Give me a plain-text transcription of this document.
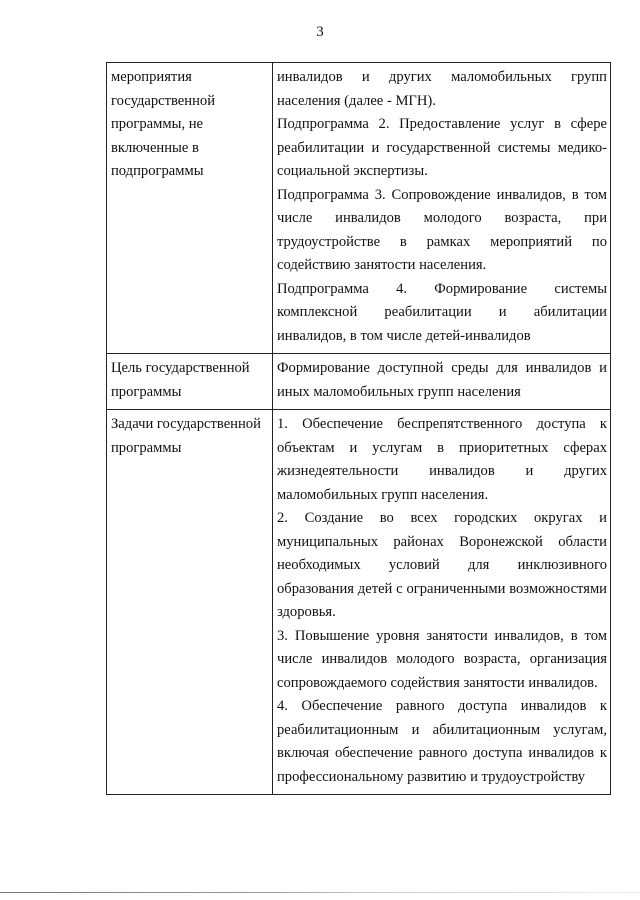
3
мероприятия государственной программы, не включенные в подпрограммы	инвалидов и других маломобильных групп населения (далее - МГН).
Подпрограмма 2. Предоставление услуг в сфере реабилитации и государственной системы медико-социальной экспертизы.
Подпрограмма 3. Сопровождение инвалидов, в том числе инвалидов молодого возраста, при трудоустройстве в рамках мероприятий по содействию занятости населения.
Подпрограмма 4. Формирование системы комплексной реабилитации и абилитации инвалидов, в том числе детей-инвалидов

Цель государственной программы	Формирование доступной среды для инвалидов и иных маломобильных групп населения

Задачи государственной программы	1. Обеспечение беспрепятственного доступа к объектам и услугам в приоритетных сферах жизнедеятельности инвалидов и других маломобильных групп населения.
2. Создание во всех городских округах и муниципальных районах Воронежской области необходимых условий для инклюзивного образования детей с ограниченными возможностями здоровья.
3. Повышение уровня занятости инвалидов, в том числе инвалидов молодого возраста, организация сопровождаемого содействия занятости инвалидов.
4. Обеспечение равного доступа инвалидов к реабилитационным и абилитационным услугам, включая обеспечение равного доступа инвалидов к профессиональному развитию и трудоустройству
